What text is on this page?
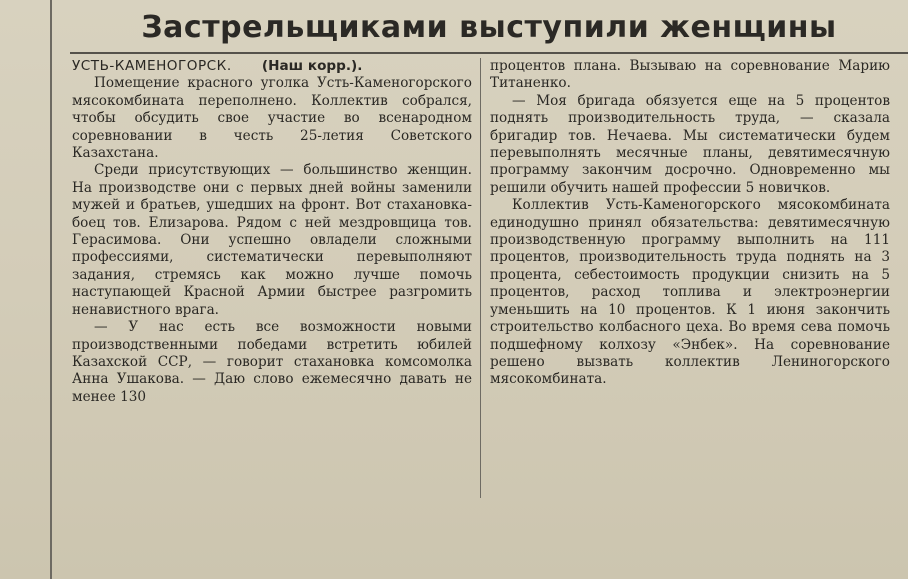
Застрельщиками выступили женщины

УСТЬ-КАМЕНОГОРСК. (Наш корр.).

Помещение красного уголка Усть-Каменогорского мясокомбината переполнено. Коллектив собрался, чтобы обсудить свое участие во всенародном соревновании в честь 25-летия Советского Казахстана.

Среди присутствующих — большинство женщин. На производстве они с первых дней войны заменили мужей и братьев, ушедших на фронт. Вот стахановка-боец тов. Елизарова. Рядом с ней мездровщица тов. Герасимова. Они успешно овладели сложными профессиями, систематически перевыполняют задания, стремясь как можно лучше помочь наступающей Красной Армии быстрее разгромить ненавистного врага.

— У нас есть все возможности новыми производственными победами встретить юбилей Казахской ССР, — говорит стахановка комсомолка Анна Ушакова. — Даю слово ежемесячно давать не менее 130

процентов плана. Вызываю на соревнование Марию Титаненко.

— Моя бригада обязуется еще на 5 процентов поднять производительность труда, — сказала бригадир тов. Нечаева. Мы систематически будем перевыполнять месячные планы, девятимесячную программу закончим досрочно. Одновременно мы решили обучить нашей профессии 5 новичков.

Коллектив Усть-Каменогорского мясокомбината единодушно принял обязательства: девятимесячную производственную программу выполнить на 111 процентов, производительность труда поднять на 3 процента, себестоимость продукции снизить на 5 процентов, расход топлива и электроэнергии уменьшить на 10 процентов. К 1 июня закончить строительство колбасного цеха. Во время сева помочь подшефному колхозу «Энбек». На соревнование решено вызвать коллектив Лениногорского мясокомбината.
